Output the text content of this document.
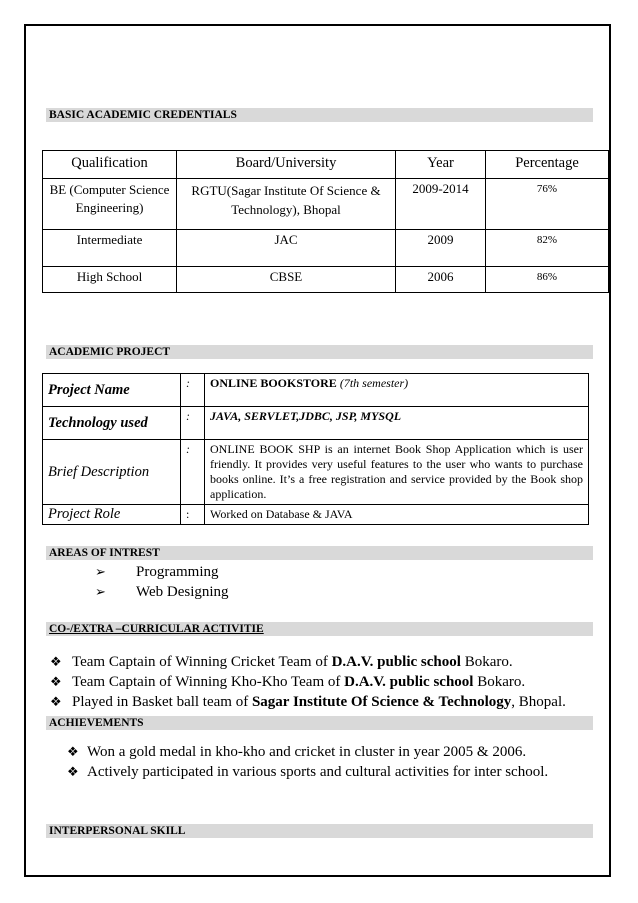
BASIC ACADEMIC CREDENTIALS
Qualification	Board/University	Year	Percentage
BE (Computer Science Engineering)	RGTU(Sagar Institute Of Science & Technology), Bhopal	2009-2014	76%
Intermediate	JAC	2009	82%
High School	CBSE	2006	86%
ACADEMIC PROJECT
Project Name	:	ONLINE BOOKSTORE (7th semester)
Technology used	:	JAVA, SERVLET,JDBC, JSP, MYSQL
Brief Description	:	ONLINE BOOK SHP is an internet Book Shop Application which is user friendly. It provides very useful features to the user who wants to purchase books online. It’s a free registration and service provided by the Book shop application.
Project Role	:	Worked on Database & JAVA
AREAS OF INTREST
➢ Programming
➢ Web Designing
CO-/EXTRA –CURRICULAR ACTIVITIE
❖ Team Captain of Winning Cricket Team of D.A.V. public school Bokaro.
❖ Team Captain of Winning Kho-Kho Team of D.A.V. public school Bokaro.
❖ Played in Basket ball team of Sagar Institute Of Science & Technology, Bhopal.
ACHIEVEMENTS
❖ Won a gold medal in kho-kho and cricket in cluster in year 2005 & 2006.
❖ Actively participated in various sports and cultural activities for inter school.
INTERPERSONAL SKILL
